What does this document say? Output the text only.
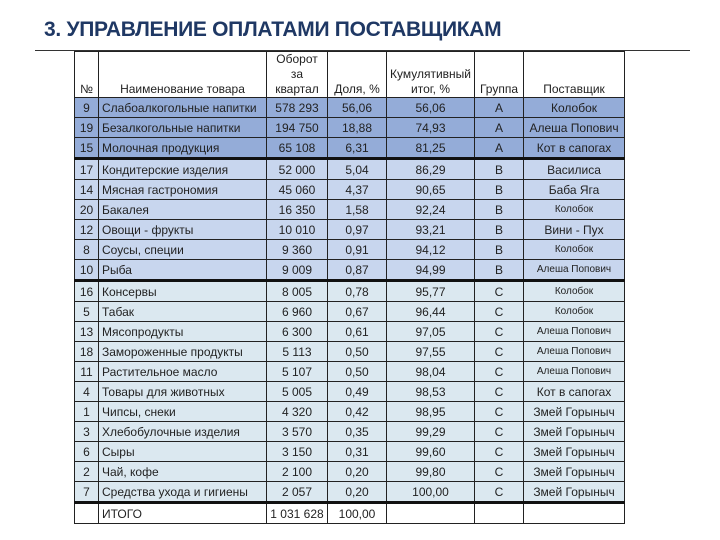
3. УПРАВЛЕНИЕ ОПЛАТАМИ ПОСТАВЩИКАМ
№	Наименование товара	Оборот за квартал	Доля, %	Кумулятивный итог, %	Группа	Поставщик
9	Слабоалкогольные напитки	578 293	56,06	56,06	A	Колобок
19	Безалкогольные напитки	194 750	18,88	74,93	A	Алеша Попович
15	Молочная продукция	65 108	6,31	81,25	A	Кот в сапогах
17	Кондитерские изделия	52 000	5,04	86,29	B	Василиса
14	Мясная гастрономия	45 060	4,37	90,65	B	Баба Яга
20	Бакалея	16 350	1,58	92,24	B	Колобок
12	Овощи - фрукты	10 010	0,97	93,21	B	Вини - Пух
8	Соусы, специи	9 360	0,91	94,12	B	Колобок
10	Рыба	9 009	0,87	94,99	B	Алеша Попович
16	Консервы	8 005	0,78	95,77	C	Колобок
5	Табак	6 960	0,67	96,44	C	Колобок
13	Мясопродукты	6 300	0,61	97,05	C	Алеша Попович
18	Замороженные продукты	5 113	0,50	97,55	C	Алеша Попович
11	Растительное масло	5 107	0,50	98,04	C	Алеша Попович
4	Товары для животных	5 005	0,49	98,53	C	Кот в сапогах
1	Чипсы, снеки	4 320	0,42	98,95	C	Змей Горыныч
3	Хлебобулочные изделия	3 570	0,35	99,29	C	Змей Горыныч
6	Сыры	3 150	0,31	99,60	C	Змей Горыныч
2	Чай, кофе	2 100	0,20	99,80	C	Змей Горыныч
7	Средства ухода и гигиены	2 057	0,20	100,00	C	Змей Горыныч
	ИТОГО	1 031 628	100,00			
